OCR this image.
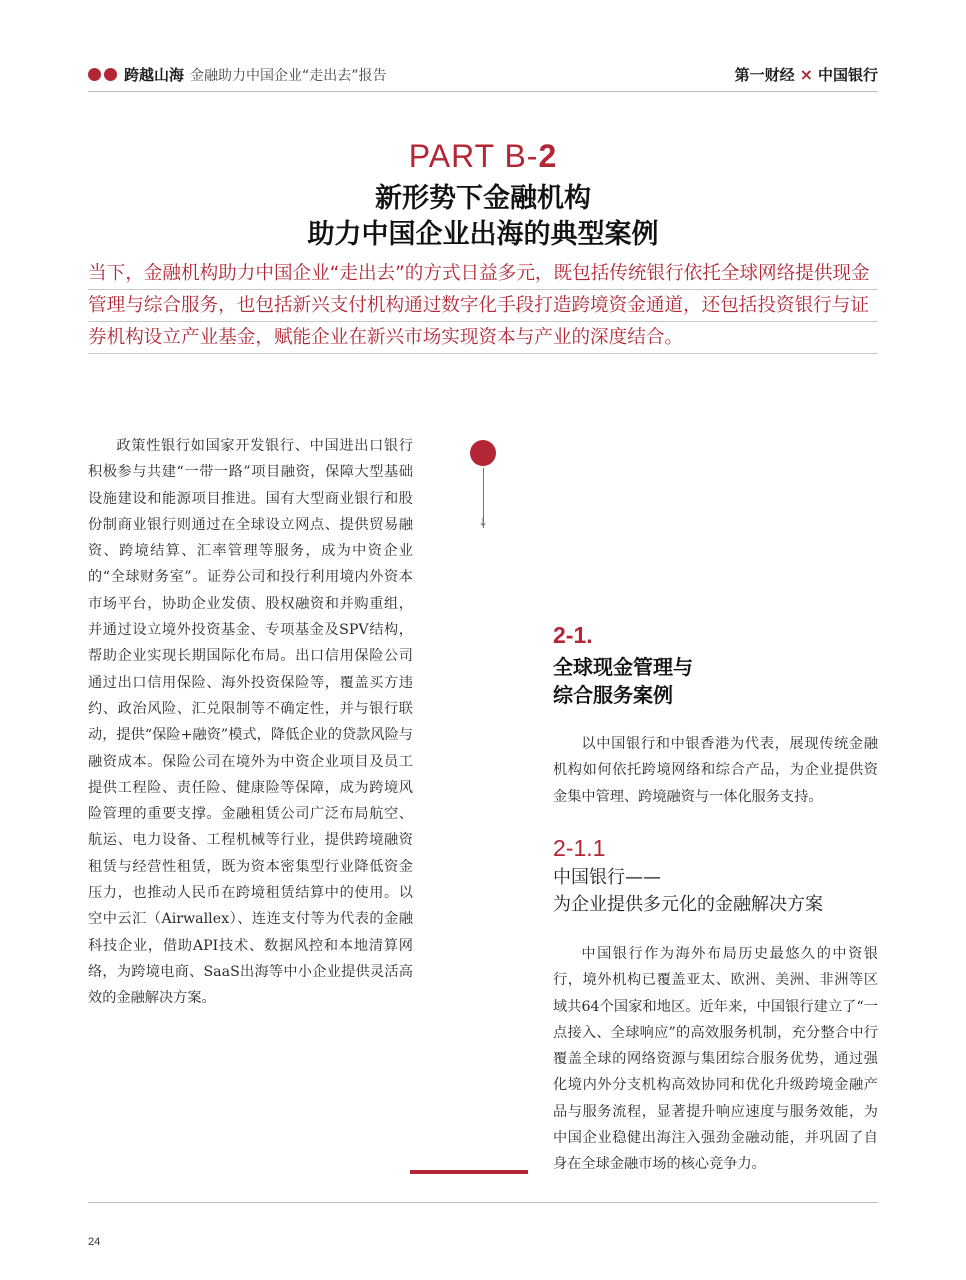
跨越山海 金融助力中国企业“走出去”报告	第一财经 × 中国银行
PART B-2
新形势下金融机构
助力中国企业出海的典型案例
当下，金融机构助力中国企业“走出去”的方式日益多元，既包括传统银行依托全球网络提供现金
管理与综合服务，也包括新兴支付机构通过数字化手段打造跨境资金通道，还包括投资银行与证
券机构设立产业基金，赋能企业在新兴市场实现资本与产业的深度结合。
政策性银行如国家开发银行、中国进出口银行积极参与共建“一带一路”项目融资，保障大型基础设施建设和能源项目推进。国有大型商业银行和股份制商业银行则通过在全球设立网点、提供贸易融资、跨境结算、汇率管理等服务，成为中资企业的“全球财务室”。证券公司和投行利用境内外资本市场平台，协助企业发债、股权融资和并购重组，并通过设立境外投资基金、专项基金及SPV结构，帮助企业实现长期国际化布局。出口信用保险公司通过出口信用保险、海外投资保险等，覆盖买方违约、政治风险、汇兑限制等不确定性，并与银行联动，提供“保险+融资”模式，降低企业的贷款风险与融资成本。保险公司在境外为中资企业项目及员工提供工程险、责任险、健康险等保障，成为跨境风险管理的重要支撑。金融租赁公司广泛布局航空、航运、电力设备、工程机械等行业，提供跨境融资租赁与经营性租赁，既为资本密集型行业降低资金压力，也推动人民币在跨境租赁结算中的使用。以空中云汇（Airwallex）、连连支付等为代表的金融科技企业，借助API技术、数据风控和本地清算网络，为跨境电商、SaaS出海等中小企业提供灵活高效的金融解决方案。
↓
2-1.
全球现金管理与
综合服务案例
以中国银行和中银香港为代表，展现传统金融机构如何依托跨境网络和综合产品，为企业提供资金集中管理、跨境融资与一体化服务支持。
2-1.1
中国银行——
为企业提供多元化的金融解决方案
中国银行作为海外布局历史最悠久的中资银行，境外机构已覆盖亚太、欧洲、美洲、非洲等区域共64个国家和地区。近年来，中国银行建立了“一点接入、全球响应”的高效服务机制，充分整合中行覆盖全球的网络资源与集团综合服务优势，通过强化境内外分支机构高效协同和优化升级跨境金融产品与服务流程，显著提升响应速度与服务效能，为中国企业稳健出海注入强劲金融动能，并巩固了自身在全球金融市场的核心竞争力。
24
